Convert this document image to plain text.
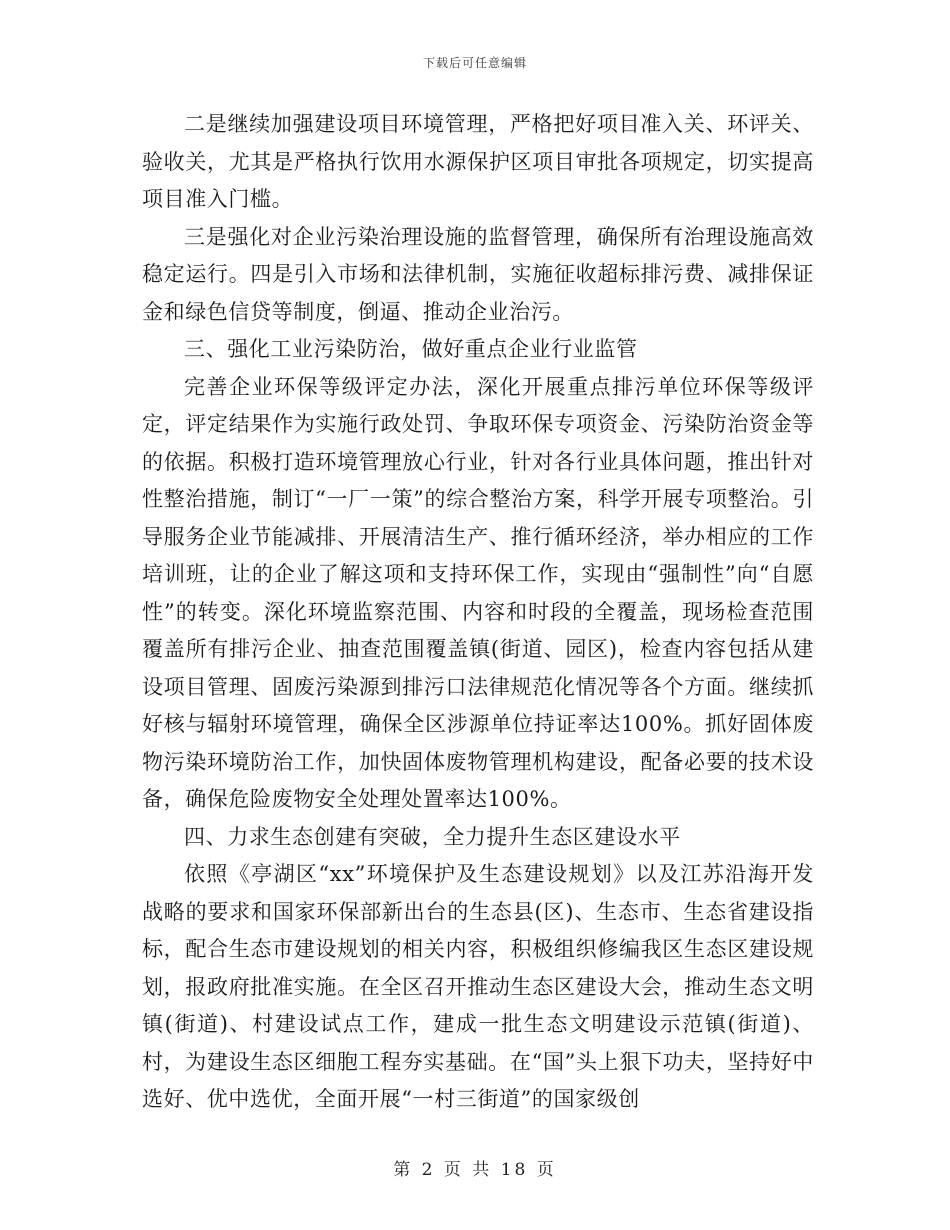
下载后可任意编辑

二是继续加强建设项目环境管理，严格把好项目准入关、环评关、验收关，尤其是严格执行饮用水源保护区项目审批各项规定，切实提高项目准入门槛。

三是强化对企业污染治理设施的监督管理，确保所有治理设施高效稳定运行。四是引入市场和法律机制，实施征收超标排污费、减排保证金和绿色信贷等制度，倒逼、推动企业治污。

三、强化工业污染防治，做好重点企业行业监管

完善企业环保等级评定办法，深化开展重点排污单位环保等级评定，评定结果作为实施行政处罚、争取环保专项资金、污染防治资金等的依据。积极打造环境管理放心行业，针对各行业具体问题，推出针对性整治措施，制订“一厂一策”的综合整治方案，科学开展专项整治。引导服务企业节能减排、开展清洁生产、推行循环经济，举办相应的工作培训班，让的企业了解这项和支持环保工作，实现由“强制性”向“自愿性”的转变。深化环境监察范围、内容和时段的全覆盖，现场检查范围覆盖所有排污企业、抽查范围覆盖镇(街道、园区)，检查内容包括从建设项目管理、固废污染源到排污口法律规范化情况等各个方面。继续抓好核与辐射环境管理，确保全区涉源单位持证率达100%。抓好固体废物污染环境防治工作，加快固体废物管理机构建设，配备必要的技术设备，确保危险废物安全处理处置率达100%。

四、力求生态创建有突破，全力提升生态区建设水平

依照《亭湖区“xx”环境保护及生态建设规划》以及江苏沿海开发战略的要求和国家环保部新出台的生态县(区)、生态市、生态省建设指标，配合生态市建设规划的相关内容，积极组织修编我区生态区建设规划，报政府批准实施。在全区召开推动生态区建设大会，推动生态文明镇(街道)、村建设试点工作，建成一批生态文明建设示范镇(街道)、村，为建设生态区细胞工程夯实基础。在“国”头上狠下功夫，坚持好中选好、优中选优，全面开展“一村三街道”的国家级创

第 2 页 共 18 页
